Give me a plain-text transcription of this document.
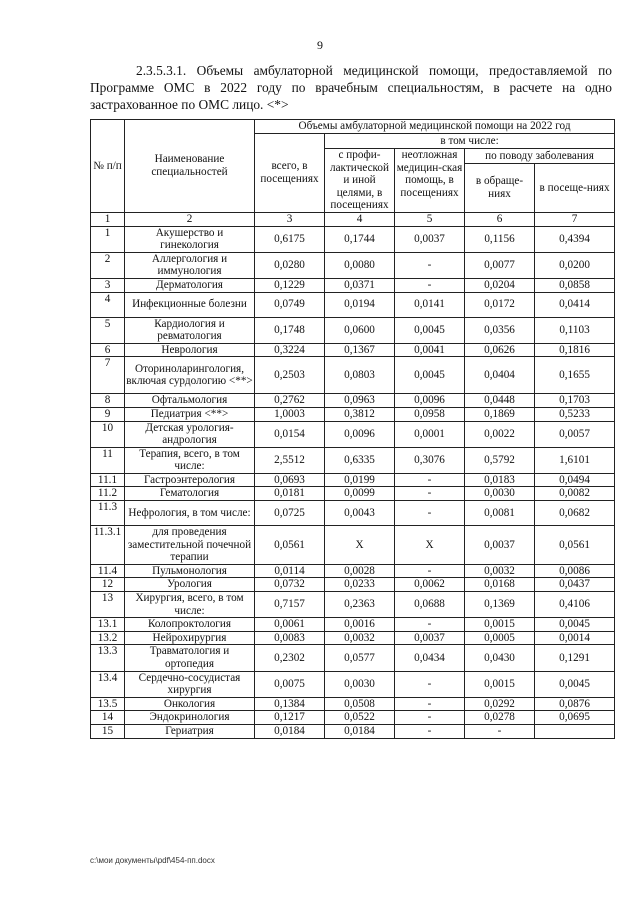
9
2.3.5.3.1. Объемы амбулаторной медицинской помощи, предоставляемой по Программе ОМС в 2022 году по врачебным специальностям, в расчете на одно застрахованное по ОМС лицо. <*>
№ п/п	Наименование специальностей	Объемы амбулаторной медицинской помощи на 2022 год				
		всего, в посещениях	в том числе:			
			с профи-лактической и иной целями, в посещениях	неотложная медицин-ская помощь, в посещениях	по поводу заболевания	
					в обраще-ниях	в посеще-ниях

1	2	3	4	5	6	7
1	Акушерство и гинекология	0,6175	0,1744	0,0037	0,1156	0,4394
2	Аллергология и иммунология	0,0280	0,0080	-	0,0077	0,0200
3	Дерматология	0,1229	0,0371	-	0,0204	0,0858
4	Инфекционные болезни	0,0749	0,0194	0,0141	0,0172	0,0414
5	Кардиология и ревматология	0,1748	0,0600	0,0045	0,0356	0,1103
6	Неврология	0,3224	0,1367	0,0041	0,0626	0,1816
7	Оториноларингология, включая сурдологию <**>	0,2503	0,0803	0,0045	0,0404	0,1655
8	Офтальмология	0,2762	0,0963	0,0096	0,0448	0,1703
9	Педиатрия <**>	1,0003	0,3812	0,0958	0,1869	0,5233
10	Детская урология-андрология	0,0154	0,0096	0,0001	0,0022	0,0057
11	Терапия, всего, в том числе:	2,5512	0,6335	0,3076	0,5792	1,6101
11.1	Гастроэнтерология	0,0693	0,0199	-	0,0183	0,0494
11.2	Гематология	0,0181	0,0099	-	0,0030	0,0082
11.3	Нефрология, в том числе:	0,0725	0,0043	-	0,0081	0,0682
11.3.1	для проведения заместительной почечной терапии	0,0561	X	X	0,0037	0,0561
11.4	Пульмонология	0,0114	0,0028	-	0,0032	0,0086
12	Урология	0,0732	0,0233	0,0062	0,0168	0,0437
13	Хирургия, всего, в том числе:	0,7157	0,2363	0,0688	0,1369	0,4106
13.1	Колопроктология	0,0061	0,0016	-	0,0015	0,0045
13.2	Нейрохирургия	0,0083	0,0032	0,0037	0,0005	0,0014
13.3	Травматология и ортопедия	0,2302	0,0577	0,0434	0,0430	0,1291
13.4	Сердечно-сосудистая хирургия	0,0075	0,0030	-	0,0015	0,0045
13.5	Онкология	0,1384	0,0508	-	0,0292	0,0876
14	Эндокринология	0,1217	0,0522	-	0,0278	0,0695
15	Гериатрия	0,0184	0,0184	-	-	
c:\мои документы\pdf\454-пп.docx
